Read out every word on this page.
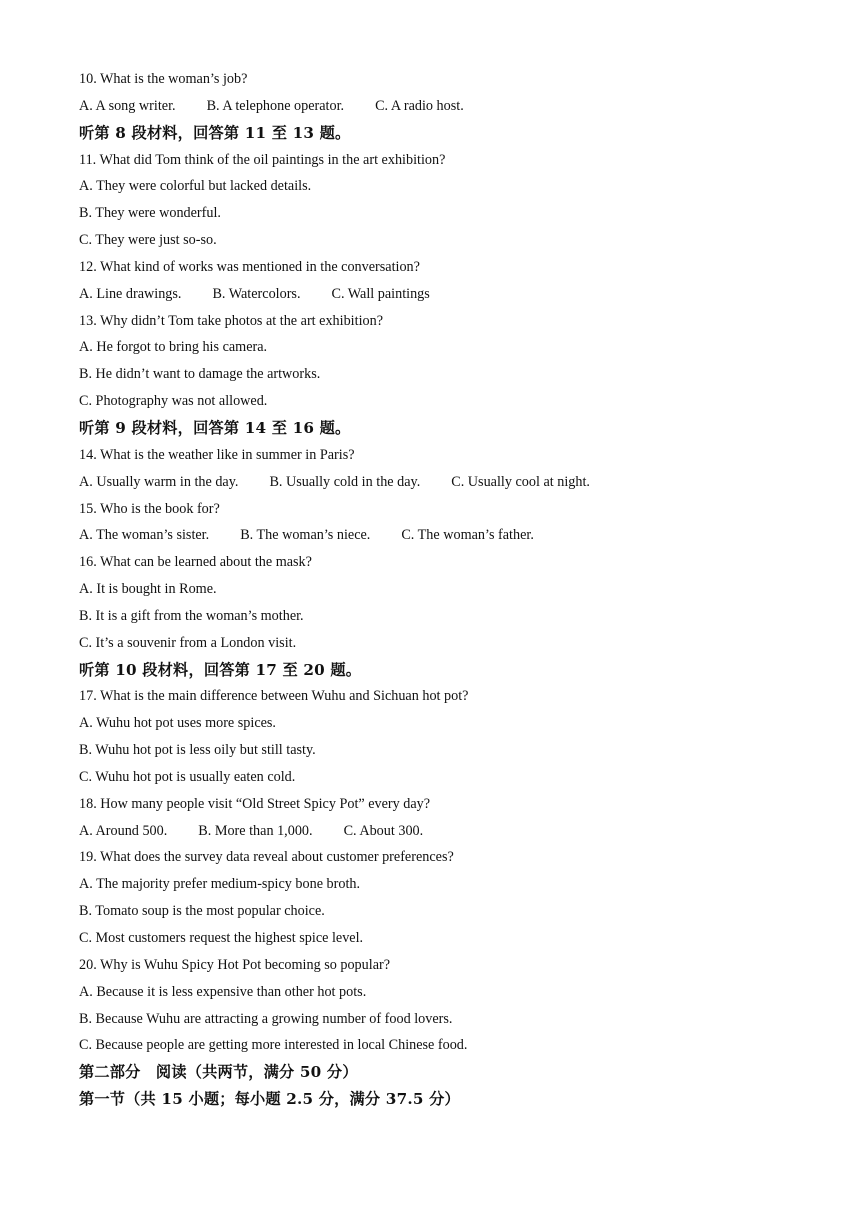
10. What is the woman’s job?
A. A song writer. B. A telephone operator. C. A radio host.
听第 8 段材料，回答第 11 至 13 题。
11. What did Tom think of the oil paintings in the art exhibition?
A. They were colorful but lacked details.
B. They were wonderful.
C. They were just so-so.
12. What kind of works was mentioned in the conversation?
A. Line drawings. B. Watercolors. C. Wall paintings
13. Why didn’t Tom take photos at the art exhibition?
A. He forgot to bring his camera.
B. He didn’t want to damage the artworks.
C. Photography was not allowed.
听第 9 段材料，回答第 14 至 16 题。
14. What is the weather like in summer in Paris?
A. Usually warm in the day. B. Usually cold in the day. C. Usually cool at night.
15. Who is the book for?
A. The woman’s sister. B. The woman’s niece. C. The woman’s father.
16. What can be learned about the mask?
A. It is bought in Rome.
B. It is a gift from the woman’s mother.
C. It’s a souvenir from a London visit.
听第 10 段材料，回答第 17 至 20 题。
17. What is the main difference between Wuhu and Sichuan hot pot?
A. Wuhu hot pot uses more spices.
B. Wuhu hot pot is less oily but still tasty.
C. Wuhu hot pot is usually eaten cold.
18. How many people visit “Old Street Spicy Pot” every day?
A. Around 500. B. More than 1,000. C. About 300.
19. What does the survey data reveal about customer preferences?
A. The majority prefer medium-spicy bone broth.
B. Tomato soup is the most popular choice.
C. Most customers request the highest spice level.
20. Why is Wuhu Spicy Hot Pot becoming so popular?
A. Because it is less expensive than other hot pots.
B. Because Wuhu are attracting a growing number of food lovers.
C. Because people are getting more interested in local Chinese food.
第二部分　阅读（共两节，满分 50 分）
第一节（共 15 小题；每小题 2.5 分，满分 37.5 分）
